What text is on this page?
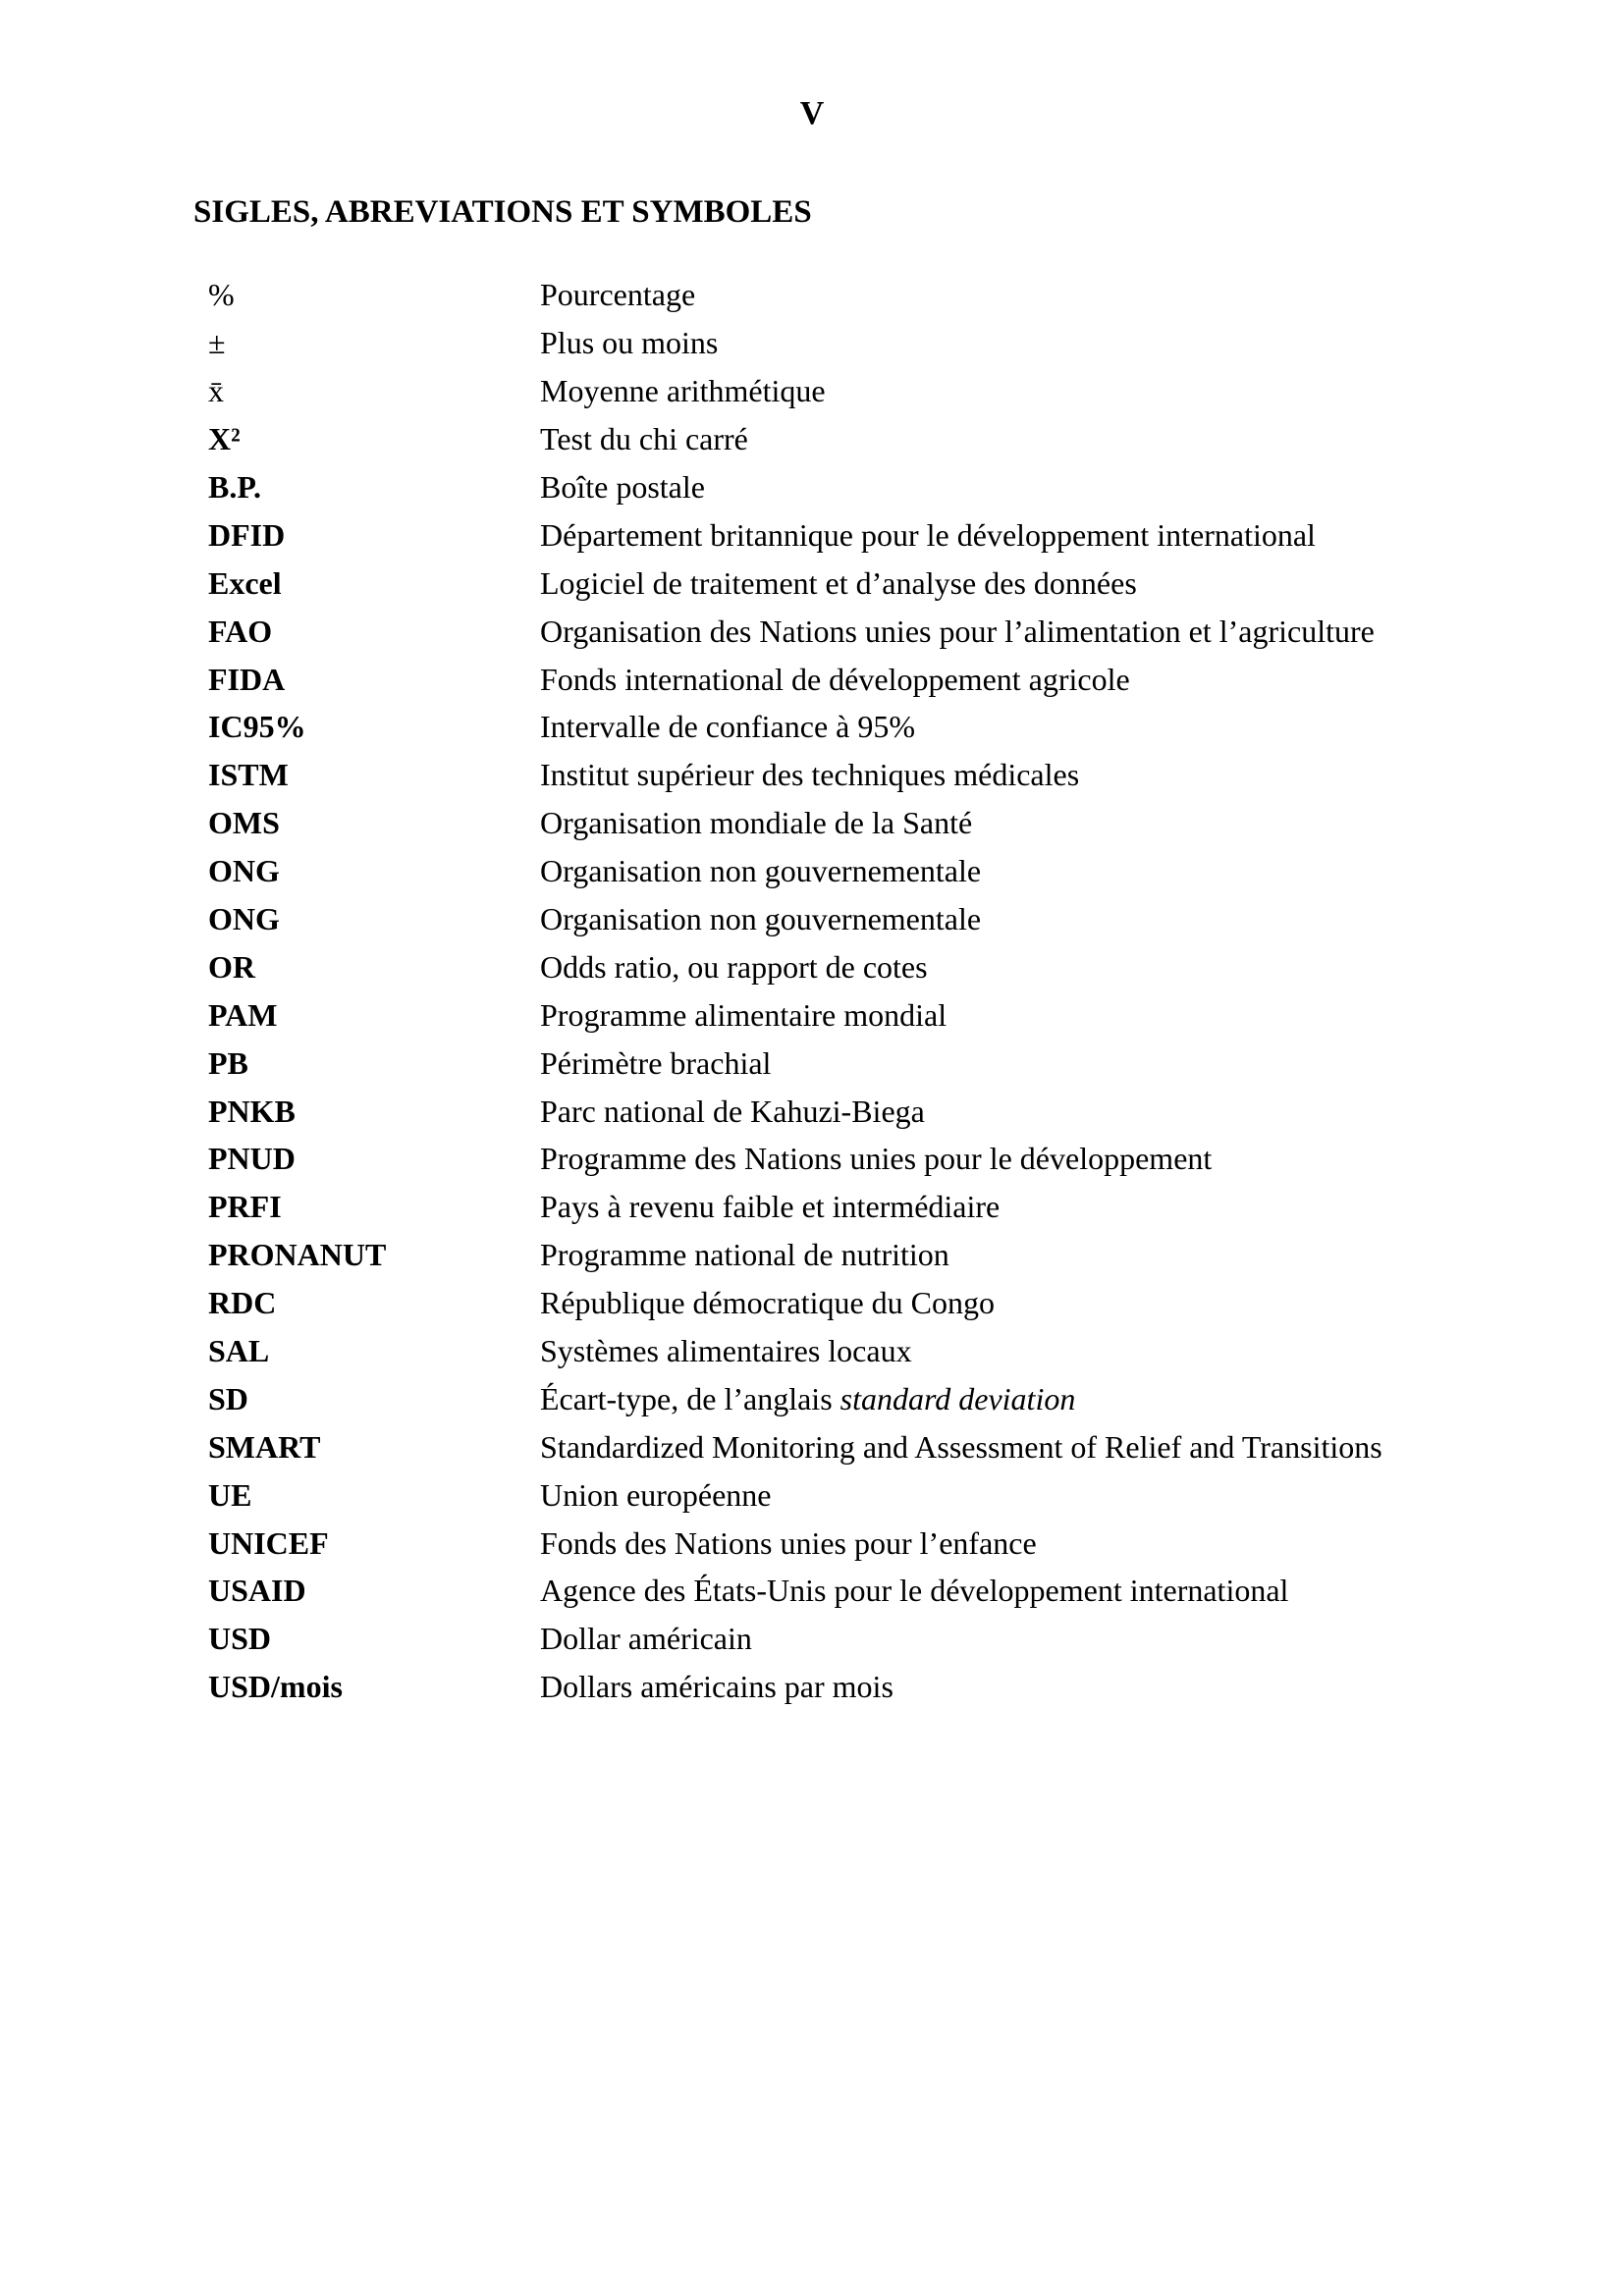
V
SIGLES, ABREVIATIONS ET SYMBOLES
%	Pourcentage
±	Plus ou moins
x̄	Moyenne arithmétique
X²	Test du chi carré
B.P.	Boîte postale
DFID	Département britannique pour le développement international
Excel	Logiciel de traitement et d’analyse des données
FAO	Organisation des Nations unies pour l’alimentation et l’agriculture
FIDA	Fonds international de développement agricole
IC95%	Intervalle de confiance à 95%
ISTM	Institut supérieur des techniques médicales
OMS	Organisation mondiale de la Santé
ONG	Organisation non gouvernementale
ONG	Organisation non gouvernementale
OR	Odds ratio, ou rapport de cotes
PAM	Programme alimentaire mondial
PB	Périmètre brachial
PNKB	Parc national de Kahuzi-Biega
PNUD	Programme des Nations unies pour le développement
PRFI	Pays à revenu faible et intermédiaire
PRONANUT	Programme national de nutrition
RDC	République démocratique du Congo
SAL	Systèmes alimentaires locaux
SD	Écart-type, de l’anglais standard deviation
SMART	Standardized Monitoring and Assessment of Relief and Transitions
UE	Union européenne
UNICEF	Fonds des Nations unies pour l’enfance
USAID	Agence des États-Unis pour le développement international
USD	Dollar américain
USD/mois	Dollars américains par mois
